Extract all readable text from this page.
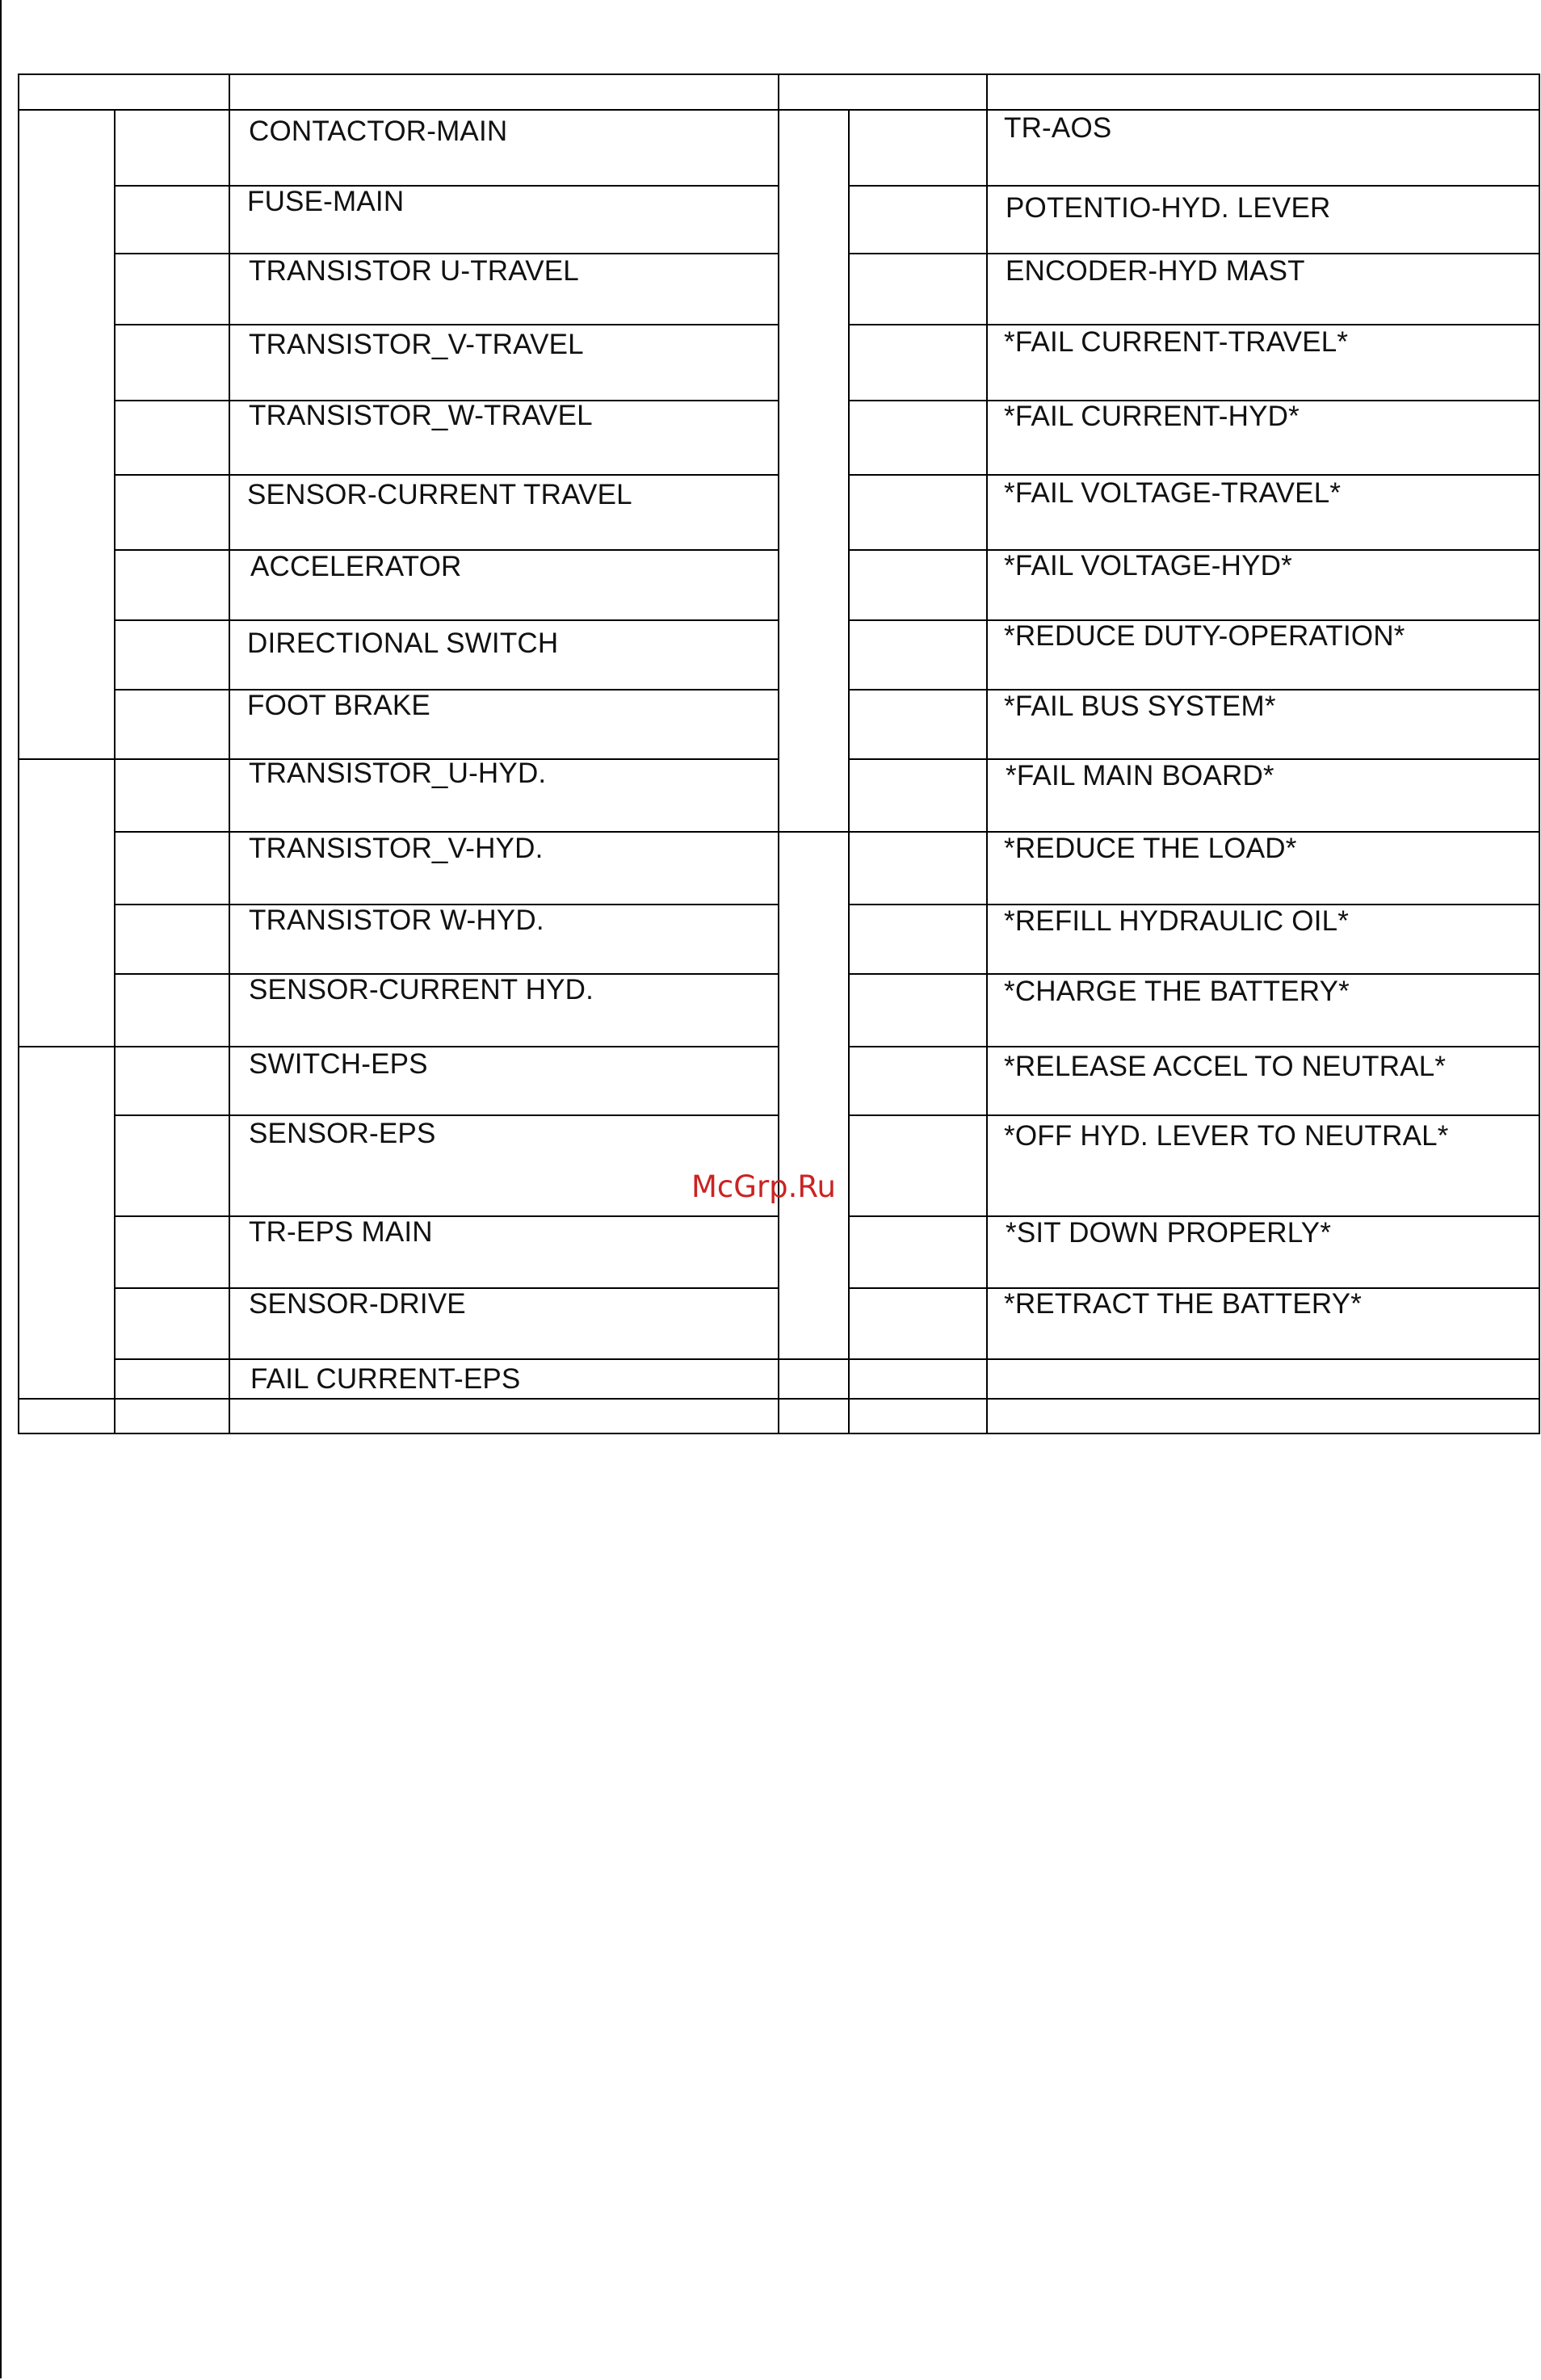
CONTACTOR-MAIN
FUSE-MAIN
TRANSISTOR U-TRAVEL
TRANSISTOR_V-TRAVEL
TRANSISTOR_W-TRAVEL
SENSOR-CURRENT TRAVEL
ACCELERATOR
DIRECTIONAL SWITCH
FOOT BRAKE
TRANSISTOR_U-HYD.
TRANSISTOR_V-HYD.
TRANSISTOR W-HYD.
SENSOR-CURRENT HYD.
SWITCH-EPS
SENSOR-EPS
TR-EPS MAIN
SENSOR-DRIVE
FAIL CURRENT-EPS
TR-AOS
POTENTIO-HYD. LEVER
ENCODER-HYD MAST
*FAIL CURRENT-TRAVEL*
*FAIL CURRENT-HYD*
*FAIL VOLTAGE-TRAVEL*
*FAIL VOLTAGE-HYD*
*REDUCE DUTY-OPERATION*
*FAIL BUS SYSTEM*
*FAIL MAIN BOARD*
*REDUCE THE LOAD*
*REFILL HYDRAULIC OIL*
*CHARGE THE BATTERY*
*RELEASE ACCEL TO NEUTRAL*
*OFF HYD. LEVER TO NEUTRAL*
*SIT DOWN PROPERLY*
*RETRACT THE BATTERY*
McGrp.Ru
